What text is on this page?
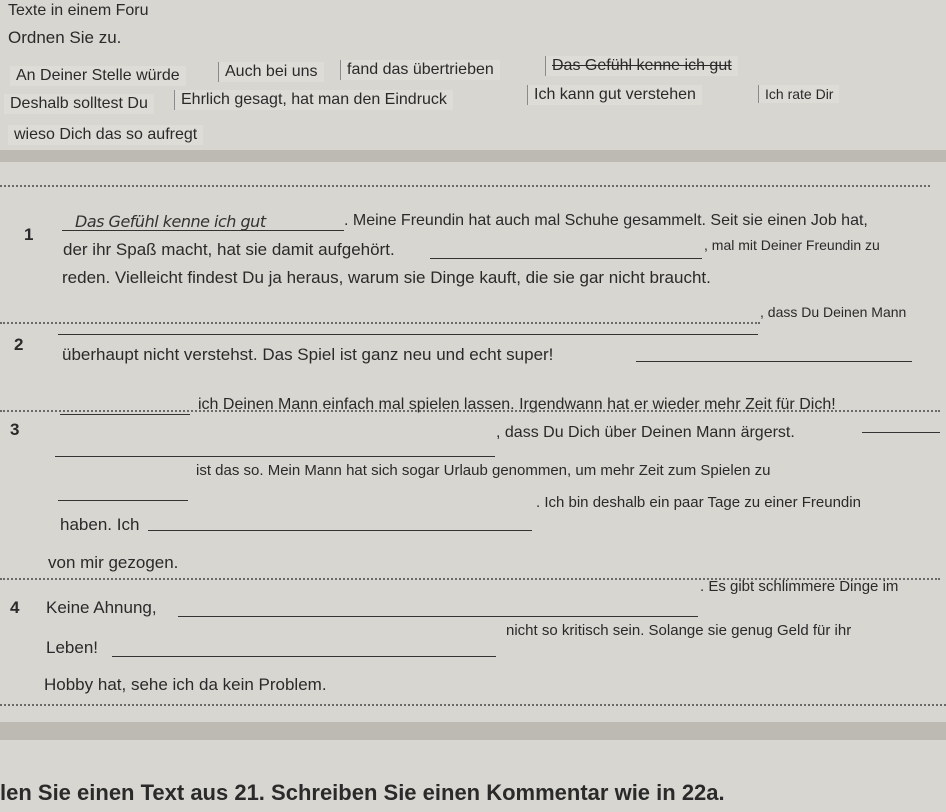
Texte in einem Foru
Ordnen Sie zu.
An Deiner Stelle würde	Auch bei uns	fand das übertrieben	Das Gefühl kenne ich gut
Deshalb solltest Du	Ehrlich gesagt, hat man den Eindruck	Ich kann gut verstehen	Ich rate Dir
wieso Dich das so aufregt
1
Das Gefühl kenne ich gut	. Meine Freundin hat auch mal Schuhe gesammelt. Seit sie einen Job hat,
der ihr Spaß macht, hat sie damit aufgehört.	, mal mit Deiner Freundin zu
reden. Vielleicht findest Du ja heraus, warum sie Dinge kauft, die sie gar nicht braucht.
2
, dass Du Deinen Mann
überhaupt nicht verstehst. Das Spiel ist ganz neu und echt super!
ich Deinen Mann einfach mal spielen lassen. Irgendwann hat er wieder mehr Zeit für Dich!
3	, dass Du Dich über Deinen Mann ärgerst.
ist das so. Mein Mann hat sich sogar Urlaub genommen, um mehr Zeit zum Spielen zu
haben. Ich
. Ich bin deshalb ein paar Tage zu einer Freundin
von mir gezogen.
4 Keine Ahnung,
. Es gibt schlimmere Dinge im
Leben!
nicht so kritisch sein. Solange sie genug Geld für ihr
Hobby hat, sehe ich da kein Problem.
len Sie einen Text aus 21. Schreiben Sie einen Kommentar wie in 22a.
